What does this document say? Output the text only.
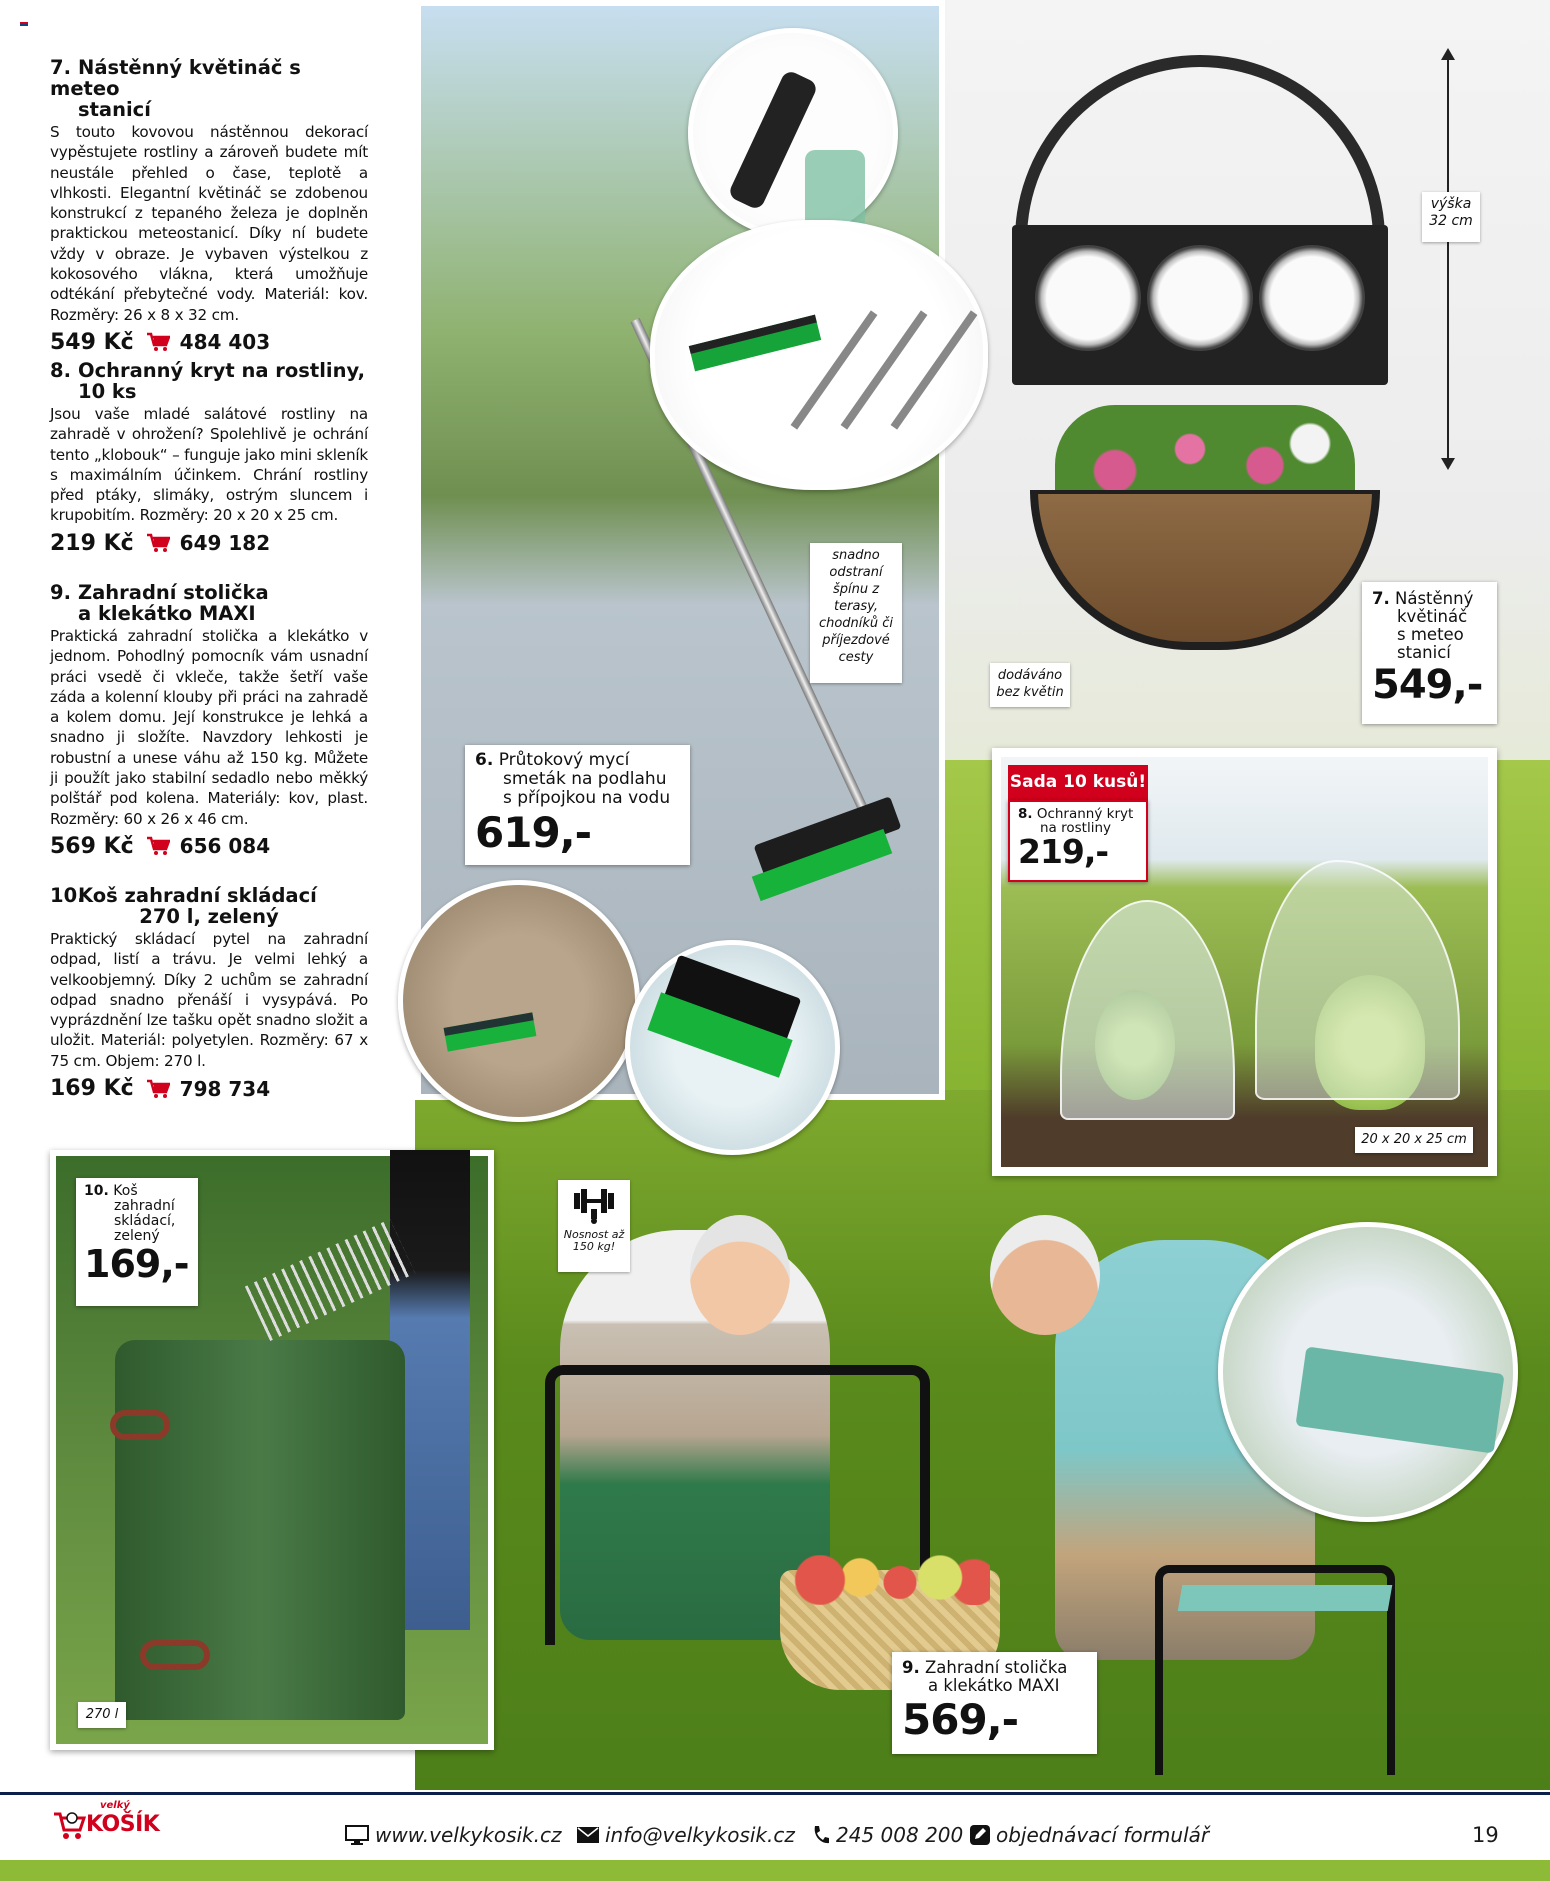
7. Nástěnný květináč s meteo
stanicí
S touto kovovou nástěnnou dekorací vypěstujete rostliny a zároveň budete mít neustále přehled o čase, teplotě a vlhkosti. Elegantní květináč se zdobenou konstrukcí z tepaného železa je doplněn praktickou meteostanicí. Díky ní budete vždy v obraze. Je vybaven výstelkou z kokosového vlákna, která umožňuje odtékání přebytečné vody. Materiál: kov. Rozměry: 26 x 8 x 32 cm.
549 Kč 484 403
8. Ochranný kryt na rostliny,
10 ks
Jsou vaše mladé salátové rostliny na zahradě v ohrožení? Spolehlivě je ochrání tento „klobouk“ – funguje jako mini skleník s maximálním účinkem. Chrání rostliny před ptáky, slimáky, ostrým sluncem i krupobitím. Rozměry: 20 x 20 x 25 cm.
219 Kč 649 182
9. Zahradní stolička
a klekátko MAXI
Praktická zahradní stolička a klekátko v jednom. Pohodlný pomocník vám usnadní práci vsedě či vkleče, takže šetří vaše záda a kolenní klouby při práci na zahradě a kolem domu. Její konstrukce je lehká a snadno ji složíte. Navzdory lehkosti je robustní a unese váhu až 150 kg. Můžete ji použít jako stabilní sedadlo nebo měkký polštář pod kolena. Materiály: kov, plast. Rozměry: 60 x 26 x 46 cm.
569 Kč 656 084
10.Koš zahradní skládací
270 l, zelený
Praktický skládací pytel na zahradní odpad, listí a trávu. Je velmi lehký a velkoobjemný. Díky 2 uchům se zahradní odpad snadno přenáší i vysypává. Po vyprázdnění lze tašku opět snadno složit a uložit. Materiál: polyetylen. Rozměry: 67 x 75 cm. Objem: 270 l.
169 Kč 798 734
6. Průtokový mycí
smeták na podlahu
s přípojkou na vodu
619,-
7. Nástěnný
květináč
s meteo
stanicí
549,-
Sada 10 kusů!
8. Ochranný kryt
na rostliny
219,-
9. Zahradní stolička
a klekátko MAXI
569,-
10. Koš
zahradní
skládací,
zelený
169,-
snadno odstraní špínu z terasy, chodníků či příjezdové cesty
dodáváno bez květin
výška 32 cm
20 x 20 x 25 cm
270 l
Nosnost až 150 kg!
velký
KOŠÍK	www.velkykosik.cz info@velkykosik.cz 245 008 200 objednávací formulář	19
